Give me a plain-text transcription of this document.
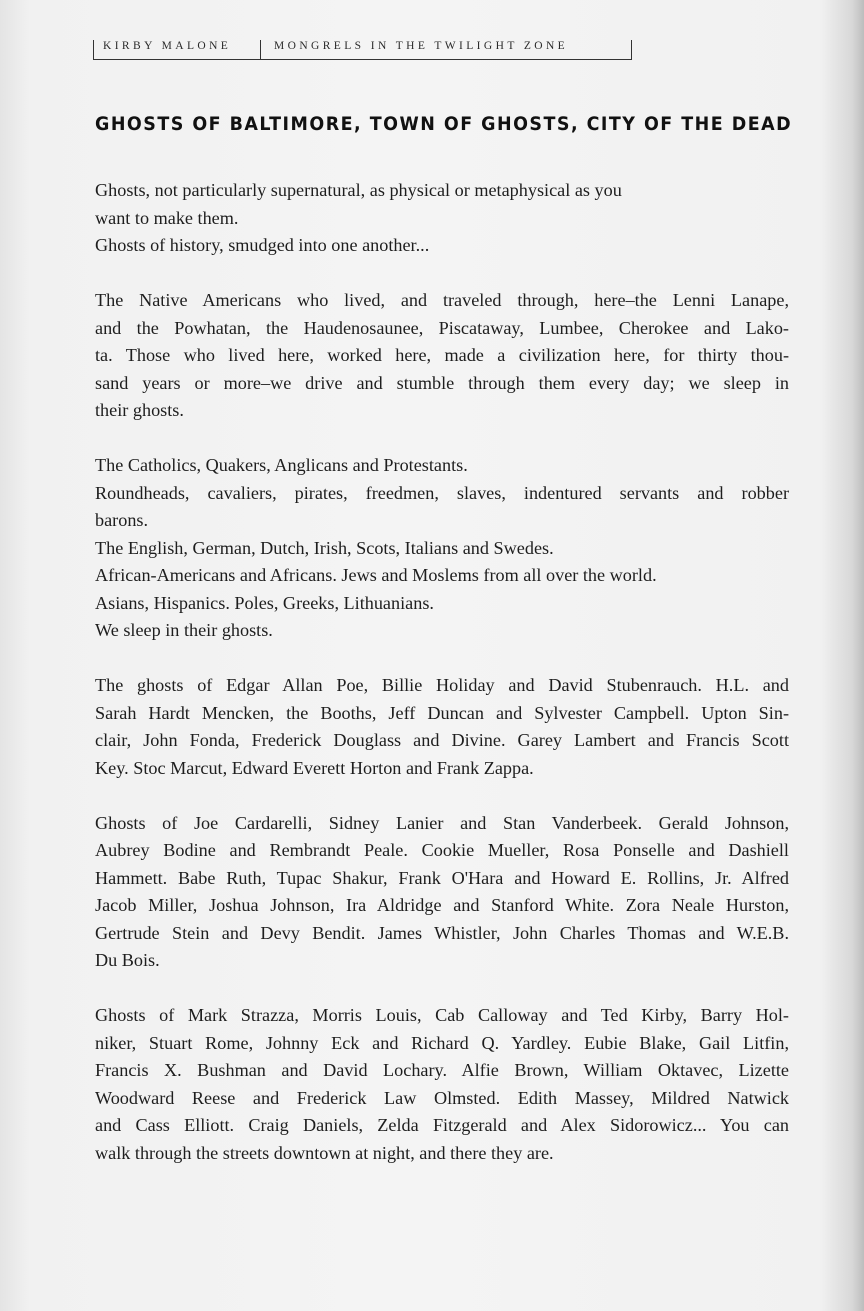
KIRBY MALONE	MONGRELS IN THE TWILIGHT ZONE
GHOSTS OF BALTIMORE, TOWN OF GHOSTS, CITY OF THE DEAD
Ghosts, not particularly supernatural, as physical or metaphysical as you
want to make them.
Ghosts of history, smudged into one another...
The Native Americans who lived, and traveled through, here–the Lenni Lanape,
and the Powhatan, the Haudenosaunee, Piscataway, Lumbee, Cherokee and Lako-
ta. Those who lived here, worked here, made a civilization here, for thirty thou-
sand years or more–we drive and stumble through them every day; we sleep in
their ghosts.
The Catholics, Quakers, Anglicans and Protestants.
Roundheads, cavaliers, pirates, freedmen, slaves, indentured servants and robber
barons.
The English, German, Dutch, Irish, Scots, Italians and Swedes.
African-Americans and Africans. Jews and Moslems from all over the world.
Asians, Hispanics. Poles, Greeks, Lithuanians.
We sleep in their ghosts.
The ghosts of Edgar Allan Poe, Billie Holiday and David Stubenrauch. H.L. and
Sarah Hardt Mencken, the Booths, Jeff Duncan and Sylvester Campbell. Upton Sin-
clair, John Fonda, Frederick Douglass and Divine. Garey Lambert and Francis Scott
Key. Stoc Marcut, Edward Everett Horton and Frank Zappa.
Ghosts of Joe Cardarelli, Sidney Lanier and Stan Vanderbeek. Gerald Johnson,
Aubrey Bodine and Rembrandt Peale. Cookie Mueller, Rosa Ponselle and Dashiell
Hammett. Babe Ruth, Tupac Shakur, Frank O'Hara and Howard E. Rollins, Jr. Alfred
Jacob Miller, Joshua Johnson, Ira Aldridge and Stanford White. Zora Neale Hurston,
Gertrude Stein and Devy Bendit. James Whistler, John Charles Thomas and W.E.B.
Du Bois.
Ghosts of Mark Strazza, Morris Louis, Cab Calloway and Ted Kirby, Barry Hol-
niker, Stuart Rome, Johnny Eck and Richard Q. Yardley. Eubie Blake, Gail Litfin,
Francis X. Bushman and David Lochary. Alfie Brown, William Oktavec, Lizette
Woodward Reese and Frederick Law Olmsted. Edith Massey, Mildred Natwick
and Cass Elliott. Craig Daniels, Zelda Fitzgerald and Alex Sidorowicz... You can
walk through the streets downtown at night, and there they are.
